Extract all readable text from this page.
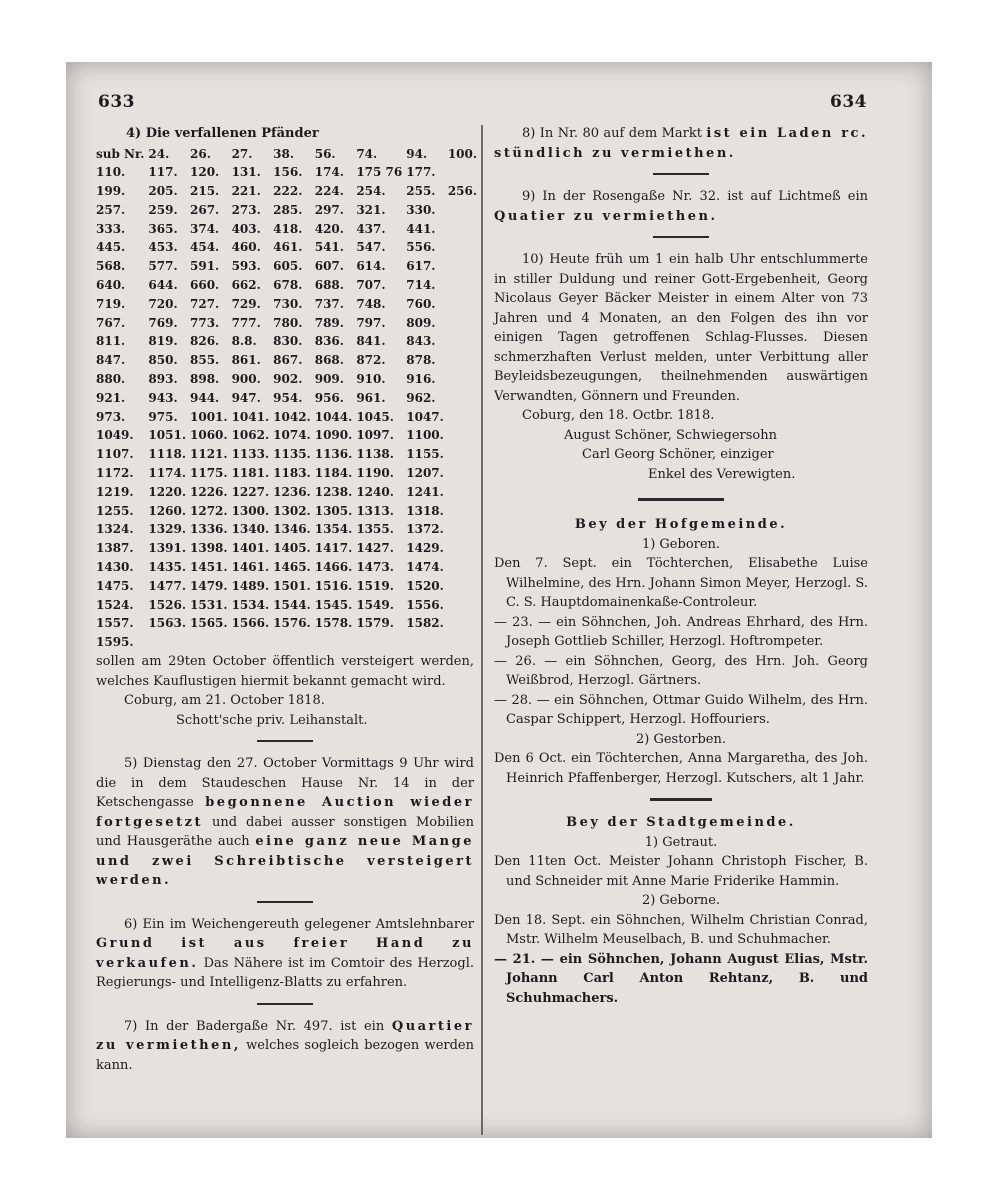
633	634
4) Die verfallenen Pfänder
sub Nr.	24.	26.	27.	38.	56.	74.	94.	100.
110.	117.	120.	131.	156.	174.	175 76	177.	
199.	205.	215.	221.	222.	224.	254.	255.	256.
257.	259.	267.	273.	285.	297.	321.	330.	
333.	365.	374.	403.	418.	420.	437.	441.	
445.	453.	454.	460.	461.	541.	547.	556.	
568.	577.	591.	593.	605.	607.	614.	617.	
640.	644.	660.	662.	678.	688.	707.	714.	
719.	720.	727.	729.	730.	737.	748.	760.	
767.	769.	773.	777.	780.	789.	797.	809.	
811.	819.	826.	8.8.	830.	836.	841.	843.	
847.	850.	855.	861.	867.	868.	872.	878.	
880.	893.	898.	900.	902.	909.	910.	916.	
921.	943.	944.	947.	954.	956.	961.	962.	
973.	975.	1001.	1041.	1042.	1044.	1045.	1047.	
1049.	1051.	1060.	1062.	1074.	1090.	1097.	1100.	
1107.	1118.	1121.	1133.	1135.	1136.	1138.	1155.	
1172.	1174.	1175.	1181.	1183.	1184.	1190.	1207.	
1219.	1220.	1226.	1227.	1236.	1238.	1240.	1241.	
1255.	1260.	1272.	1300.	1302.	1305.	1313.	1318.	
1324.	1329.	1336.	1340.	1346.	1354.	1355.	1372.	
1387.	1391.	1398.	1401.	1405.	1417.	1427.	1429.	
1430.	1435.	1451.	1461.	1465.	1466.	1473.	1474.	
1475.	1477.	1479.	1489.	1501.	1516.	1519.	1520.	
1524.	1526.	1531.	1534.	1544.	1545.	1549.	1556.	
1557.	1563.	1565.	1566.	1576.	1578.	1579.	1582.	
1595.								

sollen am 29ten October öffentlich versteigert werden, welches Kauflustigen hiermit bekannt gemacht wird.

Coburg, am 21. October 1818.

Schott'sche priv. Leihanstalt.

5) Dienstag den 27. October Vormittags 9 Uhr wird die in dem Staudeschen Hause Nr. 14 in der Ketschengasse begonnene Auction wieder fortgesetzt und dabei ausser sonstigen Mobilien und Hausgeräthe auch eine ganz neue Mange und zwei Schreibtische versteigert werden.

6) Ein im Weichengereuth gelegener Amtslehnbarer Grund ist aus freier Hand zu verkaufen. Das Nähere ist im Comtoir des Herzogl. Regierungs- und Intelligenz-Blatts zu erfahren.

7) In der Badergaße Nr. 497. ist ein Quartier zu vermiethen, welches sogleich bezogen werden kann.

8) In Nr. 80 auf dem Markt ist ein Laden rc. stündlich zu vermiethen.

9) In der Rosengaße Nr. 32. ist auf Lichtmeß ein Quatier zu vermiethen.

10) Heute früh um 1 ein halb Uhr entschlummerte in stiller Duldung und reiner Gott-Ergebenheit, Georg Nicolaus Geyer Bäcker Meister in einem Alter von 73 Jahren und 4 Monaten, an den Folgen des ihn vor einigen Tagen getroffenen Schlag-Flusses. Diesen schmerzhaften Verlust melden, unter Verbittung aller Beyleidsbezeugungen, theilnehmenden auswärtigen Verwandten, Gönnern und Freunden.

Coburg, den 18. Octbr. 1818.

August Schöner, Schwiegersohn

Carl Georg Schöner, einziger

Enkel des Verewigten.

Bey der Hofgemeinde.

1) Geboren.

Den 7. Sept. ein Töchterchen, Elisabethe Luise Wilhelmine, des Hrn. Johann Simon Meyer, Herzogl. S. C. S. Hauptdomainenkaße-Controleur.

— 23. — ein Söhnchen, Joh. Andreas Ehrhard, des Hrn. Joseph Gottlieb Schiller, Herzogl. Hoftrompeter.

— 26. — ein Söhnchen, Georg, des Hrn. Joh. Georg Weißbrod, Herzogl. Gärtners.

— 28. — ein Söhnchen, Ottmar Guido Wilhelm, des Hrn. Caspar Schippert, Herzogl. Hoffouriers.

2) Gestorben.

Den 6 Oct. ein Töchterchen, Anna Margaretha, des Joh. Heinrich Pfaffenberger, Herzogl. Kutschers, alt 1 Jahr.

Bey der Stadtgemeinde.

1) Getraut.

Den 11ten Oct. Meister Johann Christoph Fischer, B. und Schneider mit Anne Marie Friderike Hammin.

2) Geborne.

Den 18. Sept. ein Söhnchen, Wilhelm Christian Conrad, Mstr. Wilhelm Meuselbach, B. und Schuhmacher.

— 21. — ein Söhnchen, Johann August Elias, Mstr. Johann Carl Anton Rehtanz, B. und Schuhmachers.
